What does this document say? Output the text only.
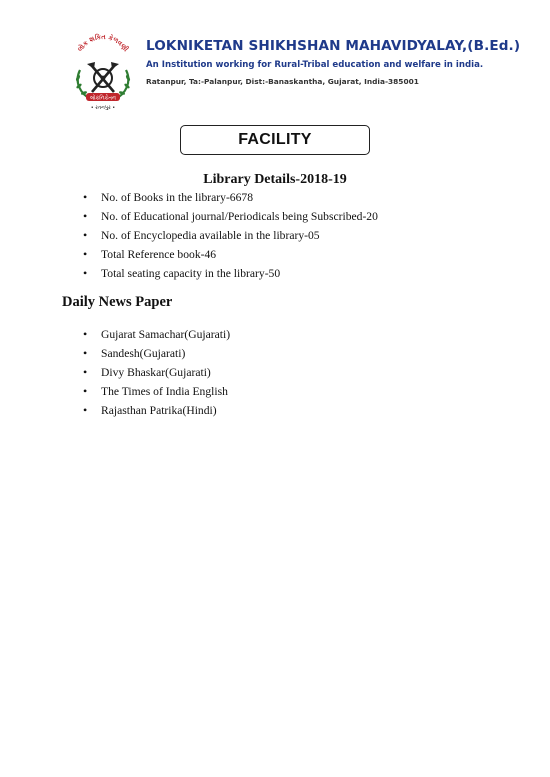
લોક શકિત કેળવણી
લોકનિકેતન
• રતનપુર •
LOKNIKETAN SHIKHSHAN MAHAVIDYALAY,(B.Ed.)
An Institution working for Rural-Tribal education and welfare in india.
Ratanpur, Ta:-Palanpur, Dist:-Banaskantha, Gujarat, India-385001
FACILITY
Library Details-2018-19
• No. of Books in the library-6678
• No. of Educational journal/Periodicals being Subscribed-20
• No. of Encyclopedia available in the library-05
• Total Reference book-46
• Total seating capacity in the library-50
Daily News Paper
• Gujarat Samachar(Gujarati)
• Sandesh(Gujarati)
• Divy Bhaskar(Gujarati)
• The Times of India English
• Rajasthan Patrika(Hindi)
